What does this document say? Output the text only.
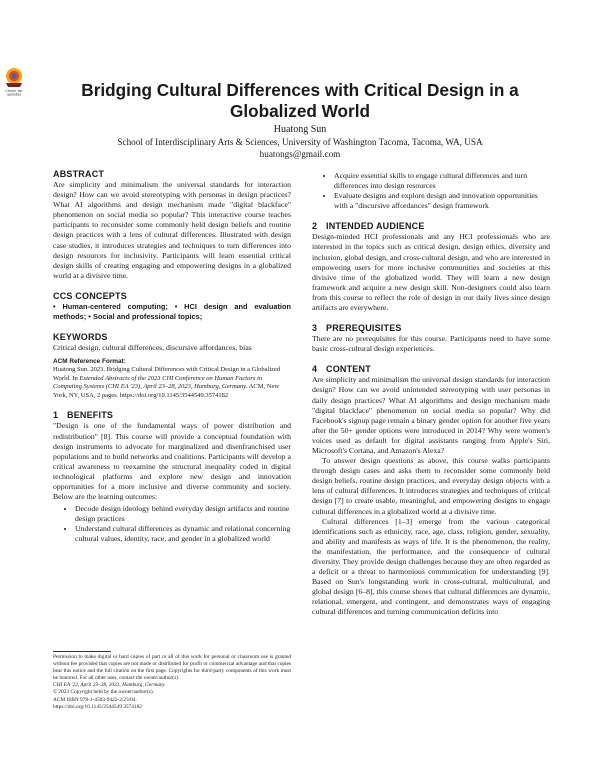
Check for
updates	Bridging Cultural Differences with Critical Design in a Globalized World
Huatong Sun
School of Interdisciplinary Arts & Sciences, University of Washington Tacoma, Tacoma, WA, USA
huatongs@gmail.com
ABSTRACT

Are simplicity and minimalism the universal standards for interaction design? How can we avoid stereotyping with personas in design practices? What AI algorithms and design mechanism made "digital blackface" phenomenon on social media so popular? This interactive course teaches participants to reconsider some commonly held design beliefs and routine design practices with a lens of cultural differences. Illustrated with design case studies, it introduces strategies and techniques to turn differences into design resources for inclusivity. Participants will learn essential critical design skills of creating engaging and empowering designs in a globalized world at a divisive time.

CCS CONCEPTS

• Human-centered computing; • HCI design and evaluation methods; • Social and professional topics;

KEYWORDS

Critical design, cultural differences, discursive affordances, bias

ACM Reference Format:
Huatong Sun. 2023. Bridging Cultural Differences with Critical Design in a Globalized World. In Extended Abstracts of the 2023 CHI Conference on Human Factors in Computing Systems (CHI EA '23), April 23–28, 2023, Hamburg, Germany. ACM, New York, NY, USA, 2 pages. https://doi.org/10.1145/3544549.3574182
1 BENEFITS

"Design is one of the fundamental ways of power distribution and redistribution" [8]. This course will provide a conceptual foundation with design instruments to advocate for marginalized and disenfranchised user populations and to build networks and coalitions. Participants will develop a critical awareness to reexamine the structural inequality coded in digital technological platforms and explore new design and innovation opportunities for a more inclusive and diverse community and society. Below are the learning outcomes:

• Decode design ideology behind everyday design artifacts and routine design practices
• Understand cultural differences as dynamic and relational concerning cultural values, identity, race, and gender in a globalized world
• Acquire essential skills to engage cultural differences and turn differences into design resources
• Evaluate designs and explore design and innovation opportunities with a "discursive affordances" design framework
2 INTENDED AUDIENCE

Design-minded HCI professionals and any HCI professionals who are interested in the topics such as critical design, design ethics, diversity and inclusion, global design, and cross-cultural design, and who are interested in empowering users for more inclusive communities and societies at this divisive time of the globalized world. They will learn a new design framework and acquire a new design skill. Non-designers could also learn from this course to reflect the role of design in our daily lives since design artifacts are everywhere.

3 PREREQUISITES

There are no prerequisites for this course. Participants need to have some basic cross-cultural design experiences.

4 CONTENT

Are simplicity and minimalism the universal design standards for interaction design? How can we avoid unintended stereotyping with user personas in daily design practices? What AI algorithms and design mechanism made "digital blackface" phenomenon on social media so popular? Why did Facebook's signup page remain a binary gender option for another five years after the 50+ gender options were introduced in 2014? Why were women's voices used as default for digital assistants ranging from Apple's Siri, Microsoft's Cortana, and Amazon's Alexa?

To answer design questions as above, this course walks participants through design cases and asks them to reconsider some commonly held design beliefs, routine design practices, and everyday design objects with a lens of cultural differences. It introduces strategies and techniques of critical design [7] to create usable, meaningful, and empowering designs to engage cultural differences in a globalized world at a divisive time.

Cultural differences [1–3] emerge from the various categorical identifications such as ethnicity, race, age, class, religion, gender, sexuality, and ability and manifests as ways of life. It is the phenomenon, the reality, the manifestation, the performance, and the consequence of cultural diversity. They provide design challenges because they are often regarded as a deficit or a threat to harmonious communication for understanding [9]. Based on Sun's longstanding work in cross-cultural, multicultural, and global design [6–8], this course shows that cultural differences are dynamic, relational, emergent, and contingent, and demonstrates ways of engaging cultural differences and turning communication deficits into

Permission to make digital or hard copies of part or all of this work for personal or classroom use is granted without fee provided that copies are not made or distributed for profit or commercial advantage and that copies bear this notice and the full citation on the first page. Copyrights for third-party components of this work must be honored. For all other uses, contact the owner/author(s).
CHI EA '23, April 23–28, 2023, Hamburg, Germany
© 2023 Copyright held by the owner/author(s).
ACM ISBN 978-1-4503-9422-2/23/04.
https://doi.org/10.1145/3544549.3574182
